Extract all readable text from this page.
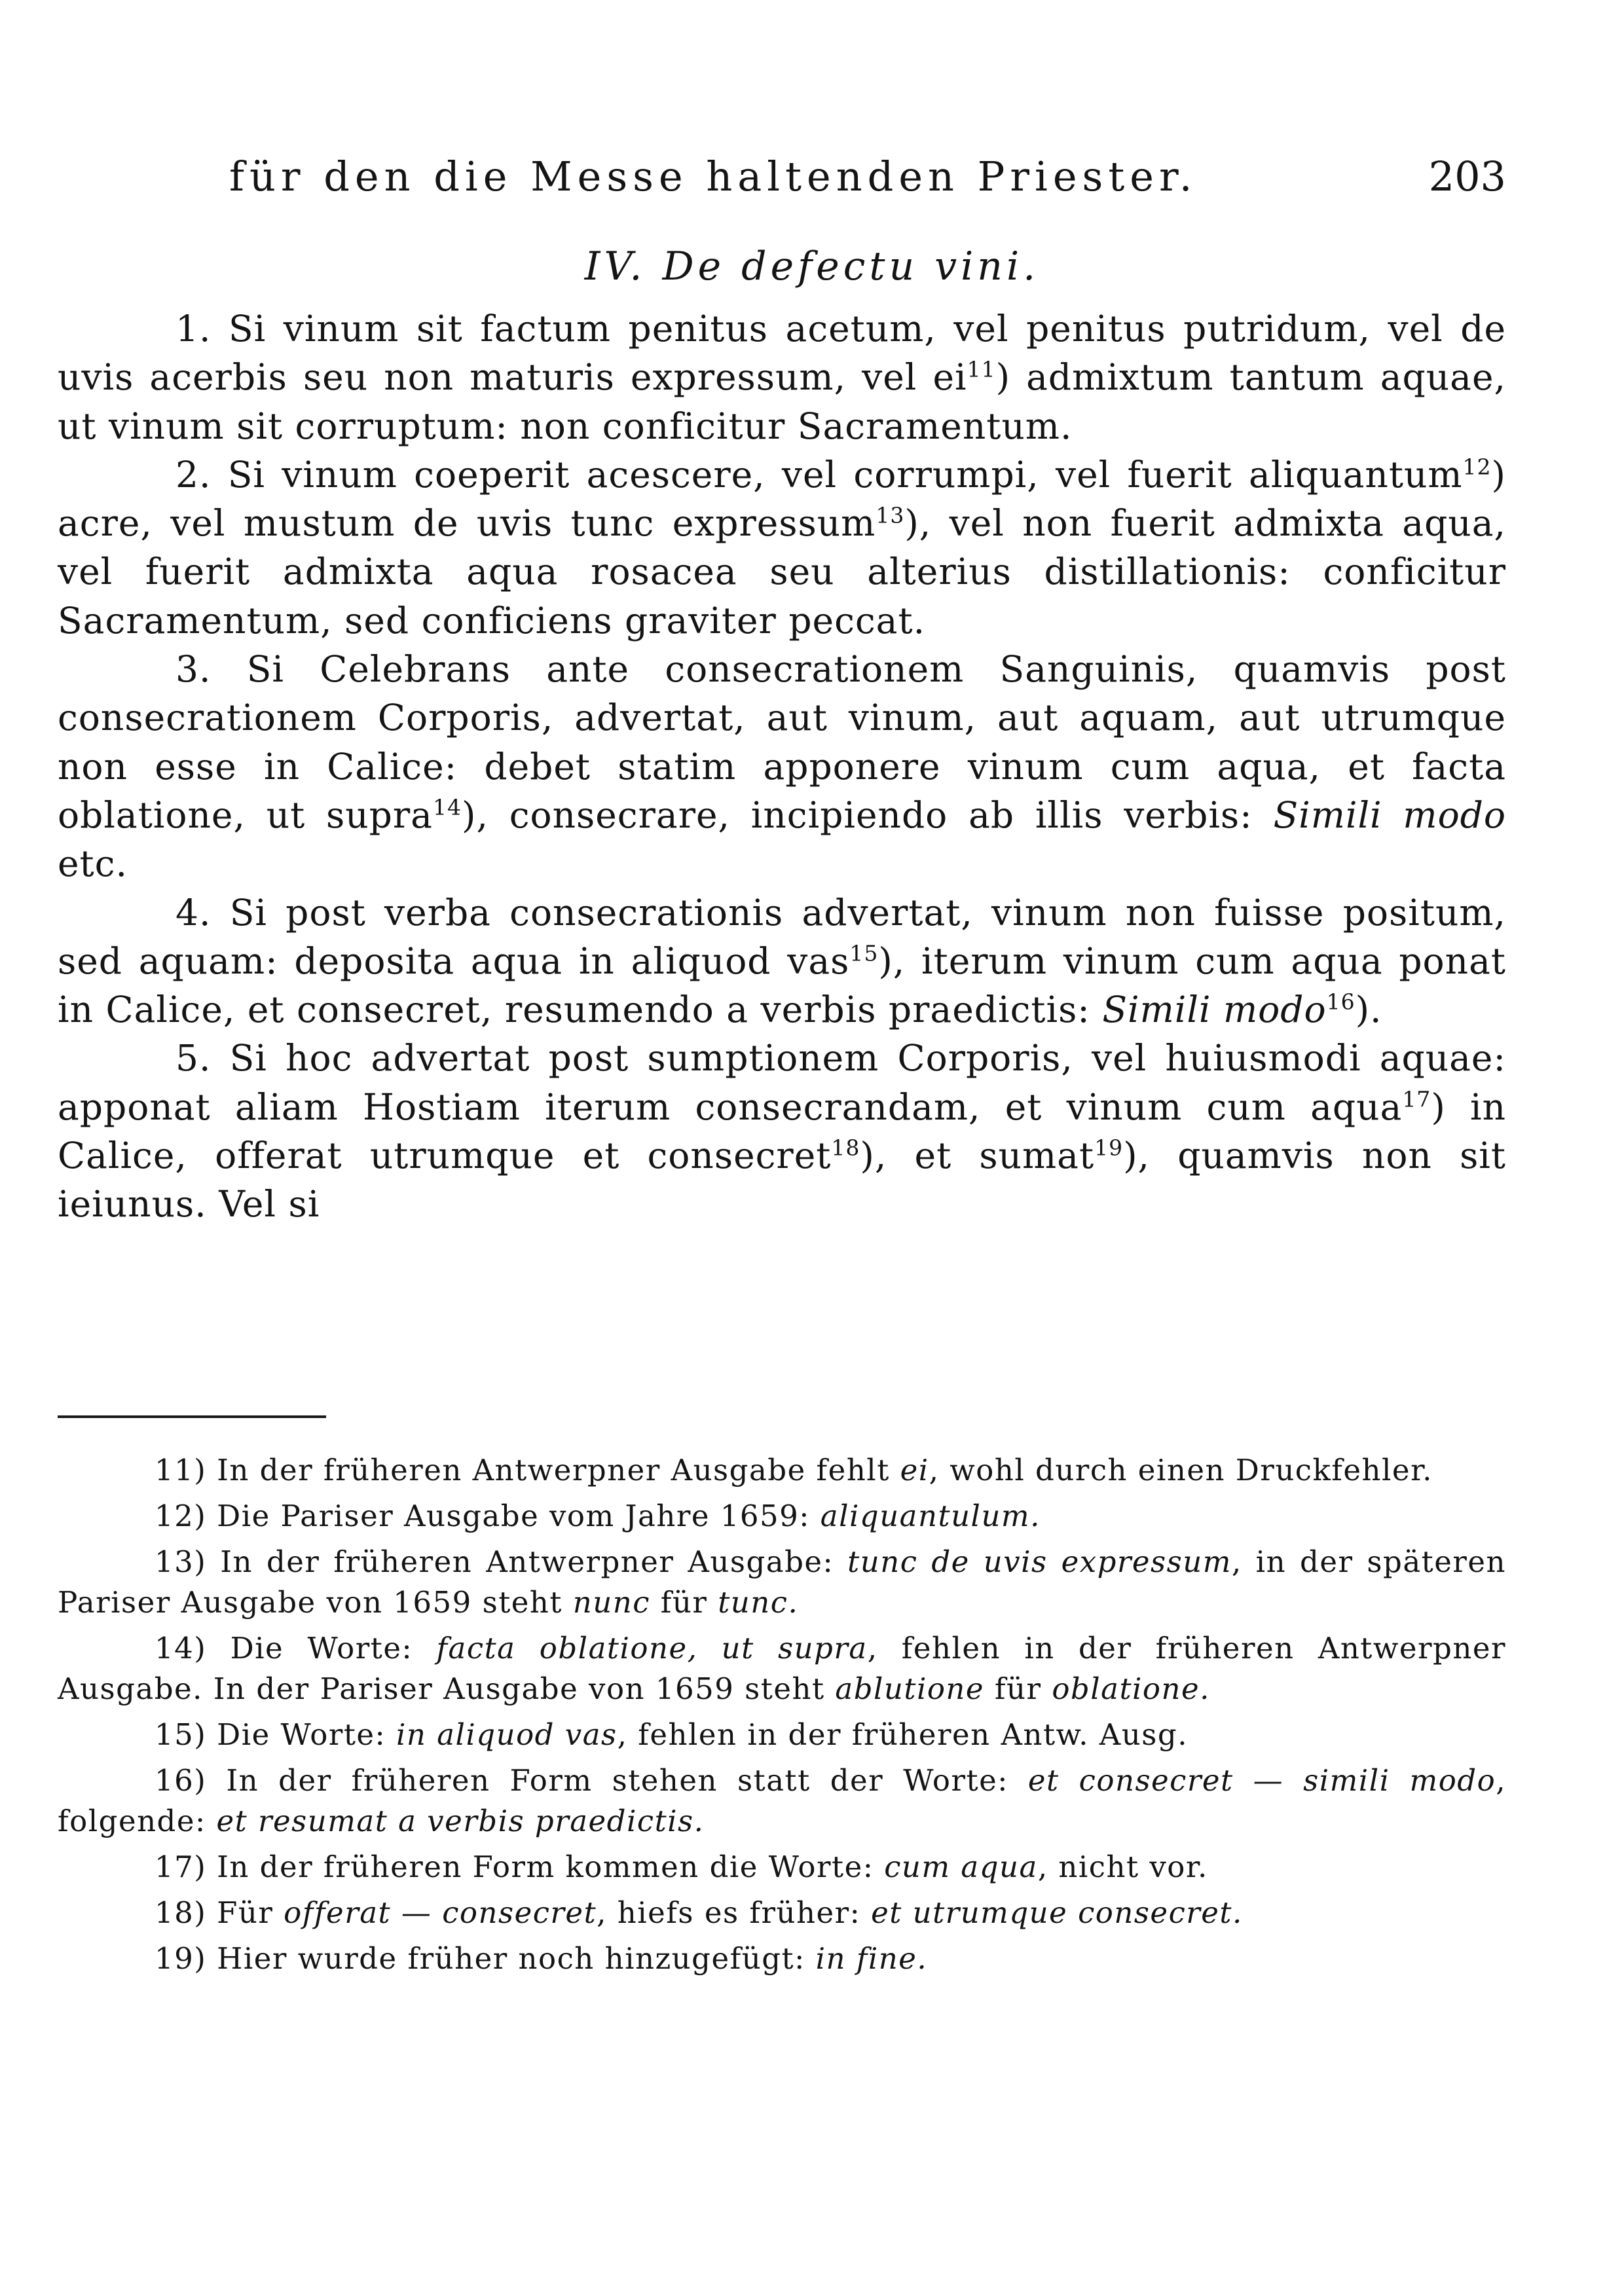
für den die Messe haltenden Priester.	203
IV. De defectu vini.

1. Si vinum sit factum penitus acetum, vel penitus putridum, vel de uvis acerbis seu non maturis expressum, vel $ei^{11}$) admixtum tantum aquae, ut vinum sit corruptum: non conficitur Sacramentum.

2. Si vinum coeperit acescere, vel corrumpi, vel fuerit aliquantum$^{12}$) acre, vel mustum de uvis tunc expressum$^{13}$), vel non fuerit admixta aqua, vel fuerit admixta aqua rosacea seu alterius distillationis: conficitur Sacramentum, sed conficiens graviter peccat.

3. Si Celebrans ante consecrationem Sanguinis, quamvis post consecrationem Corporis, advertat, aut vinum, aut aquam, aut utrumque non esse in Calice: debet statim apponere vinum cum aqua, et facta oblatione, ut supra$^{14}$), consecrare, incipiendo ab illis verbis: Simili modo etc.

4. Si post verba consecrationis advertat, vinum non fuisse positum, sed aquam: deposita aqua in aliquod vas$^{15}$), iterum vinum cum aqua ponat in Calice, et consecret, resumendo a verbis praedictis: Simili modo$^{16}$).

5. Si hoc advertat post sumptionem Corporis, vel huiusmodi aquae: apponat aliam Hostiam iterum consecrandam, et vinum cum aqua$^{17}$) in Calice, offerat utrumque et consecret$^{18}$), et sumat$^{19}$), quamvis non sit ieiunus. Vel si

11) In der früheren Antwerpner Ausgabe fehlt ei, wohl durch einen Druckfehler.

12) Die Pariser Ausgabe vom Jahre 1659: aliquantulum.

13) In der früheren Antwerpner Ausgabe: tunc de uvis expressum, in der späteren Pariser Ausgabe von 1659 steht nunc für tunc.

14) Die Worte: facta oblatione, ut supra, fehlen in der früheren Antwerpner Ausgabe. In der Pariser Ausgabe von 1659 steht ablutione für oblatione.

15) Die Worte: in aliquod vas, fehlen in der früheren Antw. Ausg.

16) In der früheren Form stehen statt der Worte: et consecret — simili modo, folgende: et resumat a verbis praedictis.

17) In der früheren Form kommen die Worte: cum aqua, nicht vor.

18) Für offerat — consecret, hiefs es früher: et utrumque consecret.

19) Hier wurde früher noch hinzugefügt: in fine.
